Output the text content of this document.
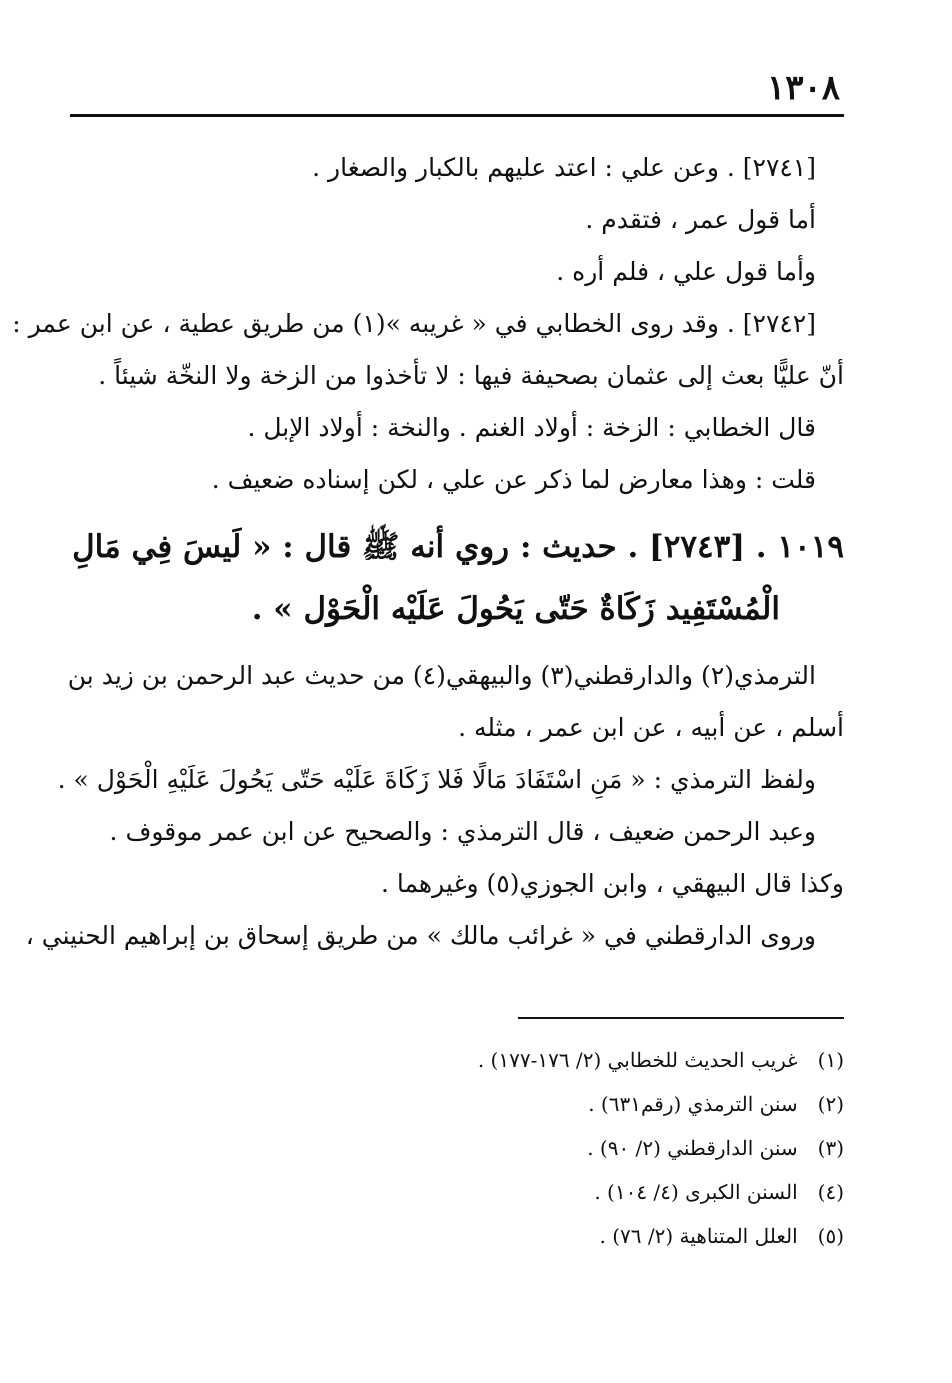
١٣٠٨
[٢٧٤١] . وعن علي : اعتد عليهم بالكبار والصغار .
أما قول عمر ، فتقدم .
وأما قول علي ، فلم أره .
[٢٧٤٢] . وقد روى الخطابي في « غريبه »(١) من طريق عطية ، عن ابن عمر :
أنّ عليًّا بعث إلى عثمان بصحيفة فيها : لا تأخذوا من الزخة ولا النخّة شيئاً .
قال الخطابي : الزخة : أولاد الغنم . والنخة : أولاد الإبل .
قلت : وهذا معارض لما ذكر عن علي ، لكن إسناده ضعيف .
١٠١٩ . [٢٧٤٣] . حديث : روي أنه ﷺ قال : « لَيسَ فِي مَالِ
الْمُسْتَفِيد زَكَاةٌ حَتّى يَحُولَ عَلَيْه الْحَوْل » .
الترمذي(٢) والدارقطني(٣) والبيهقي(٤) من حديث عبد الرحمن بن زيد بن
أسلم ، عن أبيه ، عن ابن عمر ، مثله .
ولفظ الترمذي : « مَنِ اسْتَفَادَ مَالًا فَلا زَكَاةَ عَلَيْه حَتّى يَحُولَ عَلَيْهِ الْحَوْل » .
وعبد الرحمن ضعيف ، قال الترمذي : والصحيح عن ابن عمر موقوف .
وكذا قال البيهقي ، وابن الجوزي(٥) وغيرهما .
وروى الدارقطني في « غرائب مالك » من طريق إسحاق بن إبراهيم الحنيني ،
(١) غريب الحديث للخطابي (٢/ ١٧٦-١٧٧) .
(٢) سنن الترمذي (رقم٦٣١) .
(٣) سنن الدارقطني (٢/ ٩٠) .
(٤) السنن الكبرى (٤/ ١٠٤) .
(٥) العلل المتناهية (٢/ ٧٦) .
